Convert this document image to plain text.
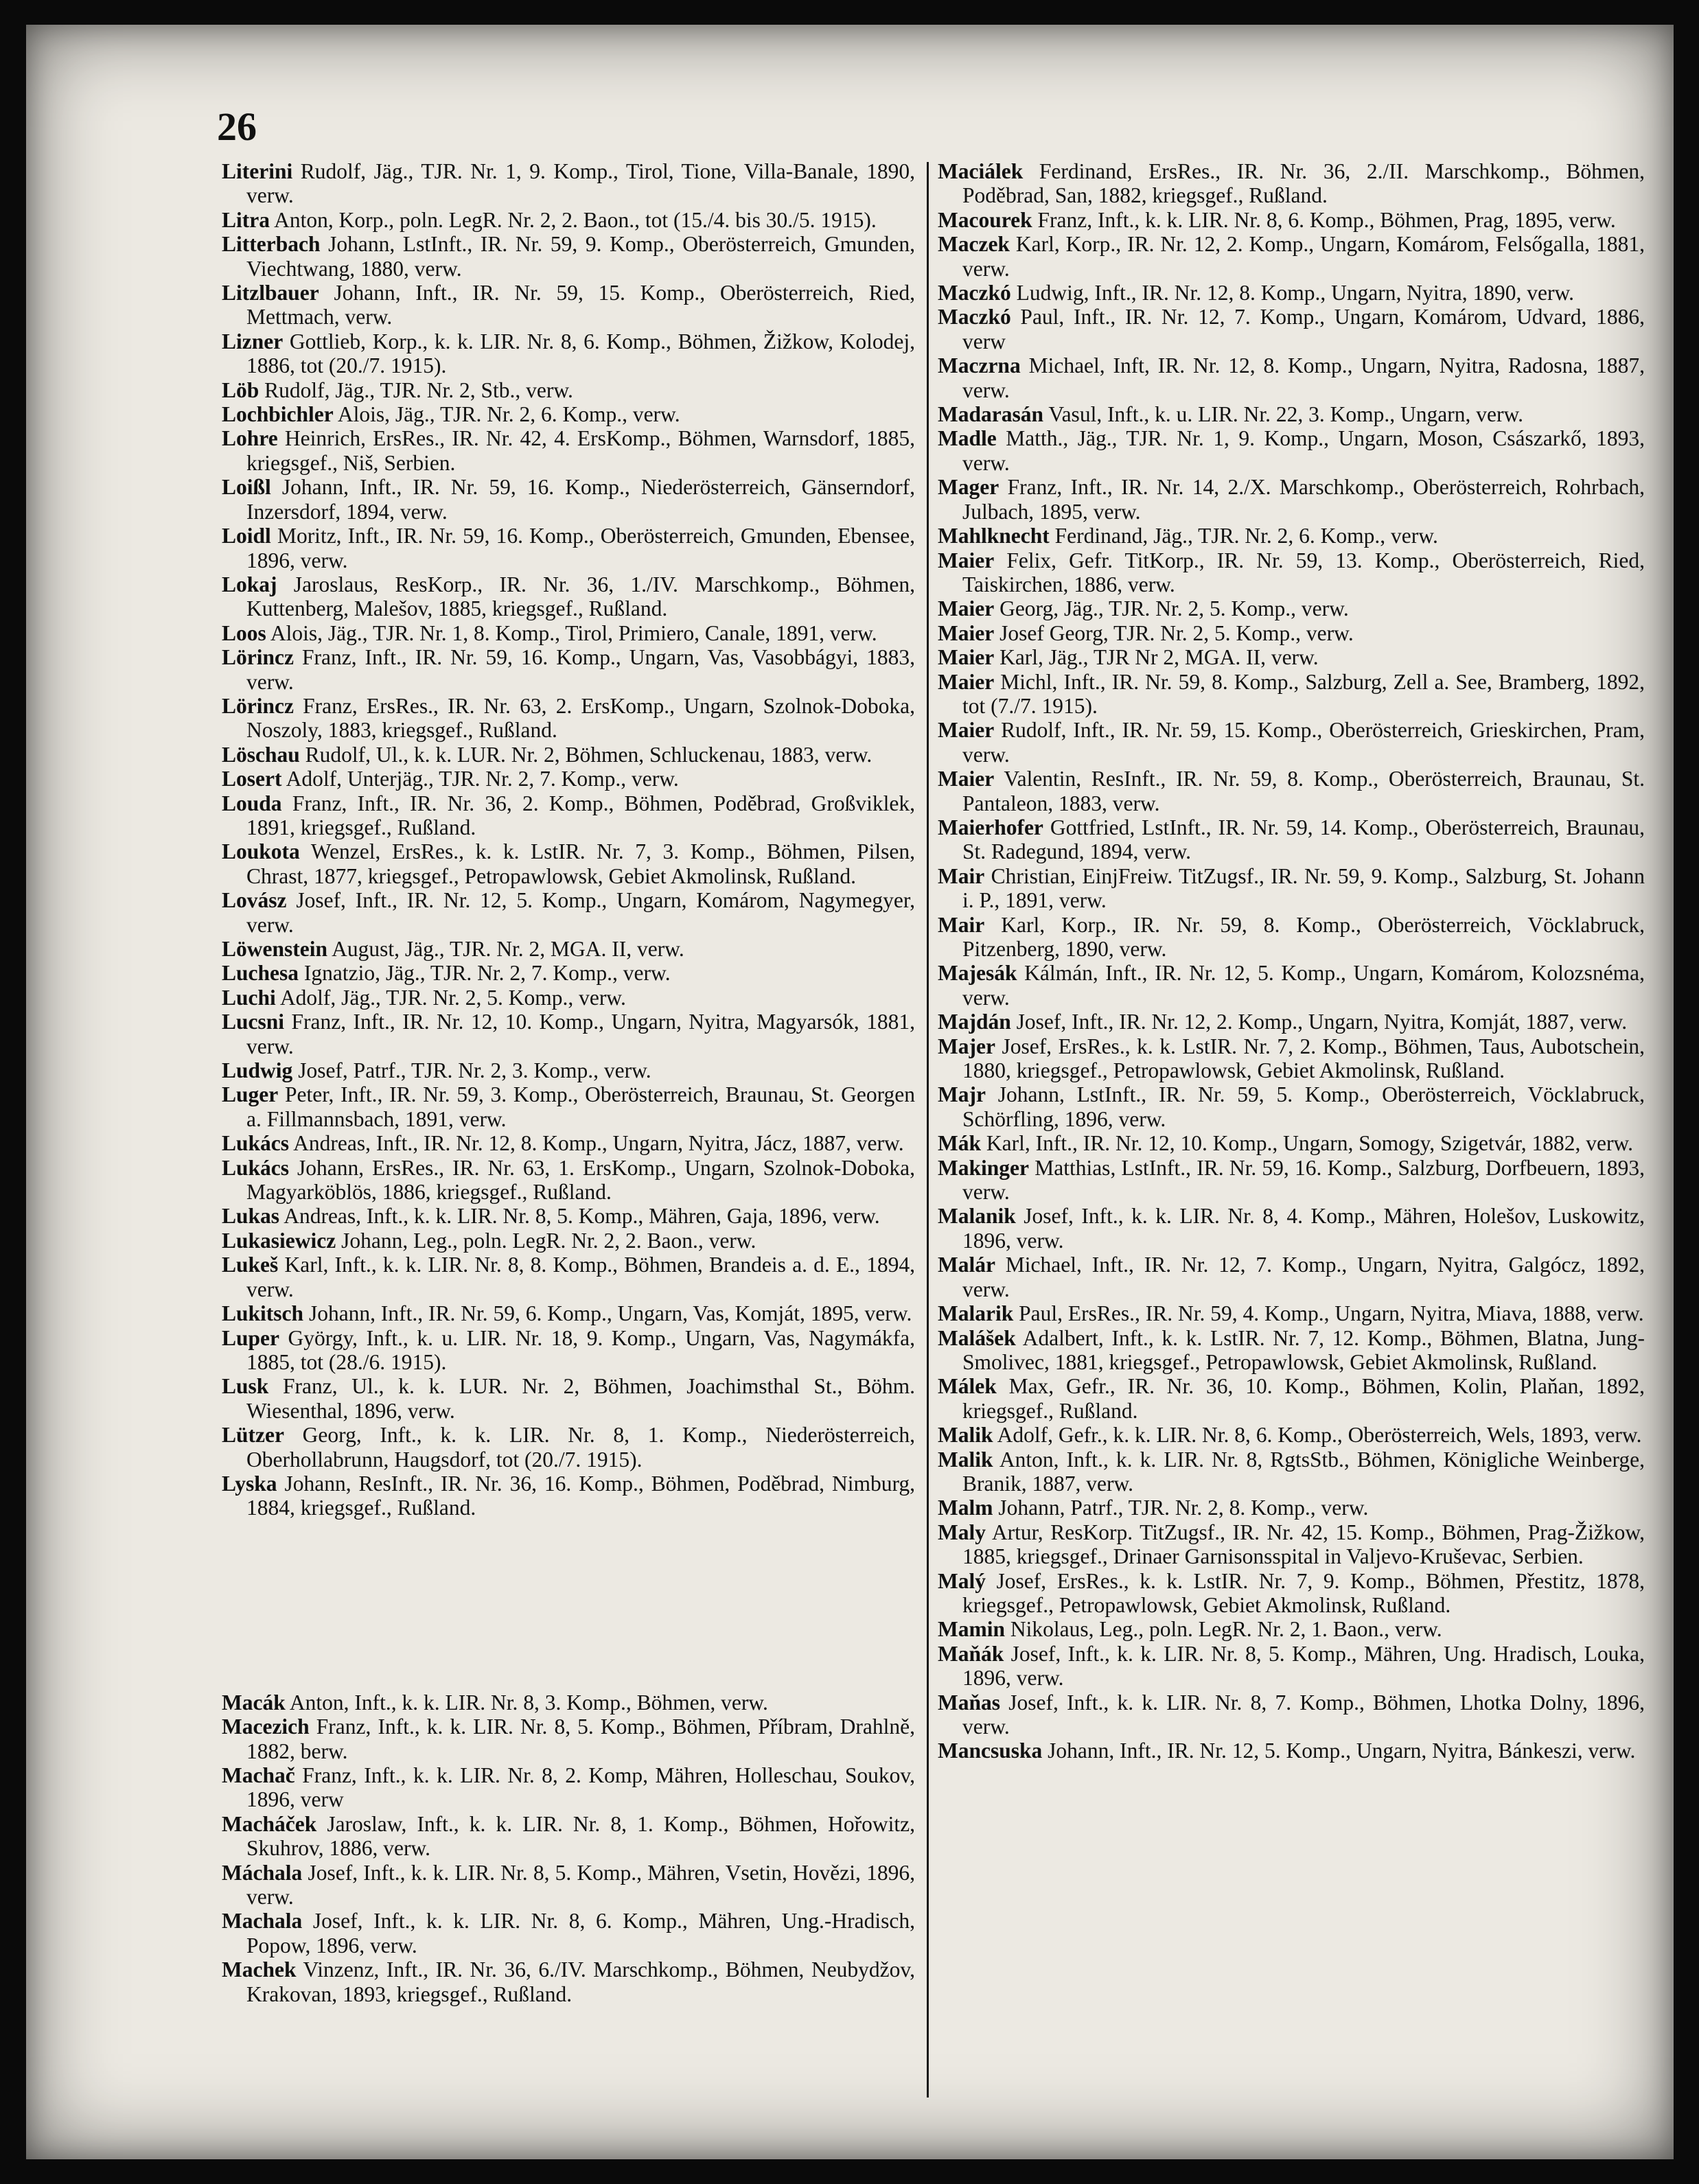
26
Literini Rudolf, Jäg., TJR. Nr. 1, 9. Komp., Tirol, Tione, Villa-Banale, 1890, verw.
Litra Anton, Korp., poln. LegR. Nr. 2, 2. Baon., tot (15./4. bis 30./5. 1915).
Litterbach Johann, LstInft., IR. Nr. 59, 9. Komp., Oberösterreich, Gmunden, Viechtwang, 1880, verw.
Litzlbauer Johann, Inft., IR. Nr. 59, 15. Komp., Oberösterreich, Ried, Mettmach, verw.
Lizner Gottlieb, Korp., k. k. LIR. Nr. 8, 6. Komp., Böhmen, Žižkow, Kolodej, 1886, tot (20./7. 1915).
Löb Rudolf, Jäg., TJR. Nr. 2, Stb., verw.
Lochbichler Alois, Jäg., TJR. Nr. 2, 6. Komp., verw.
Lohre Heinrich, ErsRes., IR. Nr. 42, 4. ErsKomp., Böhmen, Warnsdorf, 1885, kriegsgef., Niš, Serbien.
Loißl Johann, Inft., IR. Nr. 59, 16. Komp., Niederösterreich, Gänserndorf, Inzersdorf, 1894, verw.
Loidl Moritz, Inft., IR. Nr. 59, 16. Komp., Oberösterreich, Gmunden, Ebensee, 1896, verw.
Lokaj Jaroslaus, ResKorp., IR. Nr. 36, 1./IV. Marschkomp., Böhmen, Kuttenberg, Malešov, 1885, kriegsgef., Rußland.
Loos Alois, Jäg., TJR. Nr. 1, 8. Komp., Tirol, Primiero, Canale, 1891, verw.
Lörincz Franz, Inft., IR. Nr. 59, 16. Komp., Ungarn, Vas, Vasobbágyi, 1883, verw.
Lörincz Franz, ErsRes., IR. Nr. 63, 2. ErsKomp., Ungarn, Szolnok-Doboka, Noszoly, 1883, kriegsgef., Rußland.
Löschau Rudolf, Ul., k. k. LUR. Nr. 2, Böhmen, Schluckenau, 1883, verw.
Losert Adolf, Unterjäg., TJR. Nr. 2, 7. Komp., verw.
Louda Franz, Inft., IR. Nr. 36, 2. Komp., Böhmen, Poděbrad, Großviklek, 1891, kriegsgef., Rußland.
Loukota Wenzel, ErsRes., k. k. LstIR. Nr. 7, 3. Komp., Böhmen, Pilsen, Chrast, 1877, kriegsgef., Petropawlowsk, Gebiet Akmolinsk, Rußland.
Lovász Josef, Inft., IR. Nr. 12, 5. Komp., Ungarn, Komárom, Nagymegyer, verw.
Löwenstein August, Jäg., TJR. Nr. 2, MGA. II, verw.
Luchesa Ignatzio, Jäg., TJR. Nr. 2, 7. Komp., verw.
Luchi Adolf, Jäg., TJR. Nr. 2, 5. Komp., verw.
Lucsni Franz, Inft., IR. Nr. 12, 10. Komp., Ungarn, Nyitra, Magyarsók, 1881, verw.
Ludwig Josef, Patrf., TJR. Nr. 2, 3. Komp., verw.
Luger Peter, Inft., IR. Nr. 59, 3. Komp., Oberösterreich, Braunau, St. Georgen a. Fillmannsbach, 1891, verw.
Lukács Andreas, Inft., IR. Nr. 12, 8. Komp., Ungarn, Nyitra, Jácz, 1887, verw.
Lukács Johann, ErsRes., IR. Nr. 63, 1. ErsKomp., Ungarn, Szolnok-Doboka, Magyarköblös, 1886, kriegsgef., Rußland.
Lukas Andreas, Inft., k. k. LIR. Nr. 8, 5. Komp., Mähren, Gaja, 1896, verw.
Lukasiewicz Johann, Leg., poln. LegR. Nr. 2, 2. Baon., verw.
Lukeš Karl, Inft., k. k. LIR. Nr. 8, 8. Komp., Böhmen, Brandeis a. d. E., 1894, verw.
Lukitsch Johann, Inft., IR. Nr. 59, 6. Komp., Ungarn, Vas, Komját, 1895, verw.
Luper György, Inft., k. u. LIR. Nr. 18, 9. Komp., Ungarn, Vas, Nagymákfa, 1885, tot (28./6. 1915).
Lusk Franz, Ul., k. k. LUR. Nr. 2, Böhmen, Joachimsthal St., Böhm. Wiesenthal, 1896, verw.
Lützer Georg, Inft., k. k. LIR. Nr. 8, 1. Komp., Niederösterreich, Oberhollabrunn, Haugsdorf, tot (20./7. 1915).
Lyska Johann, ResInft., IR. Nr. 36, 16. Komp., Böhmen, Poděbrad, Nimburg, 1884, kriegsgef., Rußland.
Macák Anton, Inft., k. k. LIR. Nr. 8, 3. Komp., Böhmen, verw.
Macezich Franz, Inft., k. k. LIR. Nr. 8, 5. Komp., Böhmen, Příbram, Drahlně, 1882, berw.
Machač Franz, Inft., k. k. LIR. Nr. 8, 2. Komp, Mähren, Holleschau, Soukov, 1896, verw
Macháček Jaroslaw, Inft., k. k. LIR. Nr. 8, 1. Komp., Böhmen, Hořowitz, Skuhrov, 1886, verw.
Máchala Josef, Inft., k. k. LIR. Nr. 8, 5. Komp., Mähren, Vsetin, Hovězi, 1896, verw.
Machala Josef, Inft., k. k. LIR. Nr. 8, 6. Komp., Mähren, Ung.-Hradisch, Popow, 1896, verw.
Machek Vinzenz, Inft., IR. Nr. 36, 6./IV. Marschkomp., Böhmen, Neubydžov, Krakovan, 1893, kriegsgef., Rußland.
Maciálek Ferdinand, ErsRes., IR. Nr. 36, 2./II. Marschkomp., Böhmen, Poděbrad, San, 1882, kriegsgef., Rußland.
Macourek Franz, Inft., k. k. LIR. Nr. 8, 6. Komp., Böhmen, Prag, 1895, verw.
Maczek Karl, Korp., IR. Nr. 12, 2. Komp., Ungarn, Komárom, Felsőgalla, 1881, verw.
Maczkó Ludwig, Inft., IR. Nr. 12, 8. Komp., Ungarn, Nyitra, 1890, verw.
Maczkó Paul, Inft., IR. Nr. 12, 7. Komp., Ungarn, Komárom, Udvard, 1886, verw
Maczrna Michael, Inft, IR. Nr. 12, 8. Komp., Ungarn, Nyitra, Radosna, 1887, verw.
Madarasán Vasul, Inft., k. u. LIR. Nr. 22, 3. Komp., Ungarn, verw.
Madle Matth., Jäg., TJR. Nr. 1, 9. Komp., Ungarn, Moson, Császarkő, 1893, verw.
Mager Franz, Inft., IR. Nr. 14, 2./X. Marschkomp., Oberösterreich, Rohrbach, Julbach, 1895, verw.
Mahlknecht Ferdinand, Jäg., TJR. Nr. 2, 6. Komp., verw.
Maier Felix, Gefr. TitKorp., IR. Nr. 59, 13. Komp., Oberösterreich, Ried, Taiskirchen, 1886, verw.
Maier Georg, Jäg., TJR. Nr. 2, 5. Komp., verw.
Maier Josef Georg, TJR. Nr. 2, 5. Komp., verw.
Maier Karl, Jäg., TJR Nr 2, MGA. II, verw.
Maier Michl, Inft., IR. Nr. 59, 8. Komp., Salzburg, Zell a. See, Bramberg, 1892, tot (7./7. 1915).
Maier Rudolf, Inft., IR. Nr. 59, 15. Komp., Oberösterreich, Grieskirchen, Pram, verw.
Maier Valentin, ResInft., IR. Nr. 59, 8. Komp., Oberösterreich, Braunau, St. Pantaleon, 1883, verw.
Maierhofer Gottfried, LstInft., IR. Nr. 59, 14. Komp., Oberösterreich, Braunau, St. Radegund, 1894, verw.
Mair Christian, EinjFreiw. TitZugsf., IR. Nr. 59, 9. Komp., Salzburg, St. Johann i. P., 1891, verw.
Mair Karl, Korp., IR. Nr. 59, 8. Komp., Oberösterreich, Vöcklabruck, Pitzenberg, 1890, verw.
Majesák Kálmán, Inft., IR. Nr. 12, 5. Komp., Ungarn, Komárom, Kolozsnéma, verw.
Majdán Josef, Inft., IR. Nr. 12, 2. Komp., Ungarn, Nyitra, Komját, 1887, verw.
Majer Josef, ErsRes., k. k. LstIR. Nr. 7, 2. Komp., Böhmen, Taus, Aubotschein, 1880, kriegsgef., Petropawlowsk, Gebiet Akmolinsk, Rußland.
Majr Johann, LstInft., IR. Nr. 59, 5. Komp., Oberösterreich, Vöcklabruck, Schörfling, 1896, verw.
Mák Karl, Inft., IR. Nr. 12, 10. Komp., Ungarn, Somogy, Szigetvár, 1882, verw.
Makinger Matthias, LstInft., IR. Nr. 59, 16. Komp., Salzburg, Dorfbeuern, 1893, verw.
Malanik Josef, Inft., k. k. LIR. Nr. 8, 4. Komp., Mähren, Holešov, Luskowitz, 1896, verw.
Malár Michael, Inft., IR. Nr. 12, 7. Komp., Ungarn, Nyitra, Galgócz, 1892, verw.
Malarik Paul, ErsRes., IR. Nr. 59, 4. Komp., Ungarn, Nyitra, Miava, 1888, verw.
Malášek Adalbert, Inft., k. k. LstIR. Nr. 7, 12. Komp., Böhmen, Blatna, Jung-Smolivec, 1881, kriegsgef., Petropawlowsk, Gebiet Akmolinsk, Rußland.
Málek Max, Gefr., IR. Nr. 36, 10. Komp., Böhmen, Kolin, Plaňan, 1892, kriegsgef., Rußland.
Malik Adolf, Gefr., k. k. LIR. Nr. 8, 6. Komp., Oberösterreich, Wels, 1893, verw.
Malik Anton, Inft., k. k. LIR. Nr. 8, RgtsStb., Böhmen, Königliche Weinberge, Branik, 1887, verw.
Malm Johann, Patrf., TJR. Nr. 2, 8. Komp., verw.
Maly Artur, ResKorp. TitZugsf., IR. Nr. 42, 15. Komp., Böhmen, Prag-Žižkow, 1885, kriegsgef., Drinaer Garnisonsspital in Valjevo-Kruševac, Serbien.
Malý Josef, ErsRes., k. k. LstIR. Nr. 7, 9. Komp., Böhmen, Přestitz, 1878, kriegsgef., Petropawlowsk, Gebiet Akmolinsk, Rußland.
Mamin Nikolaus, Leg., poln. LegR. Nr. 2, 1. Baon., verw.
Maňák Josef, Inft., k. k. LIR. Nr. 8, 5. Komp., Mähren, Ung. Hradisch, Louka, 1896, verw.
Maňas Josef, Inft., k. k. LIR. Nr. 8, 7. Komp., Böhmen, Lhotka Dolny, 1896, verw.
Mancsuska Johann, Inft., IR. Nr. 12, 5. Komp., Ungarn, Nyitra, Bánkeszi, verw.
